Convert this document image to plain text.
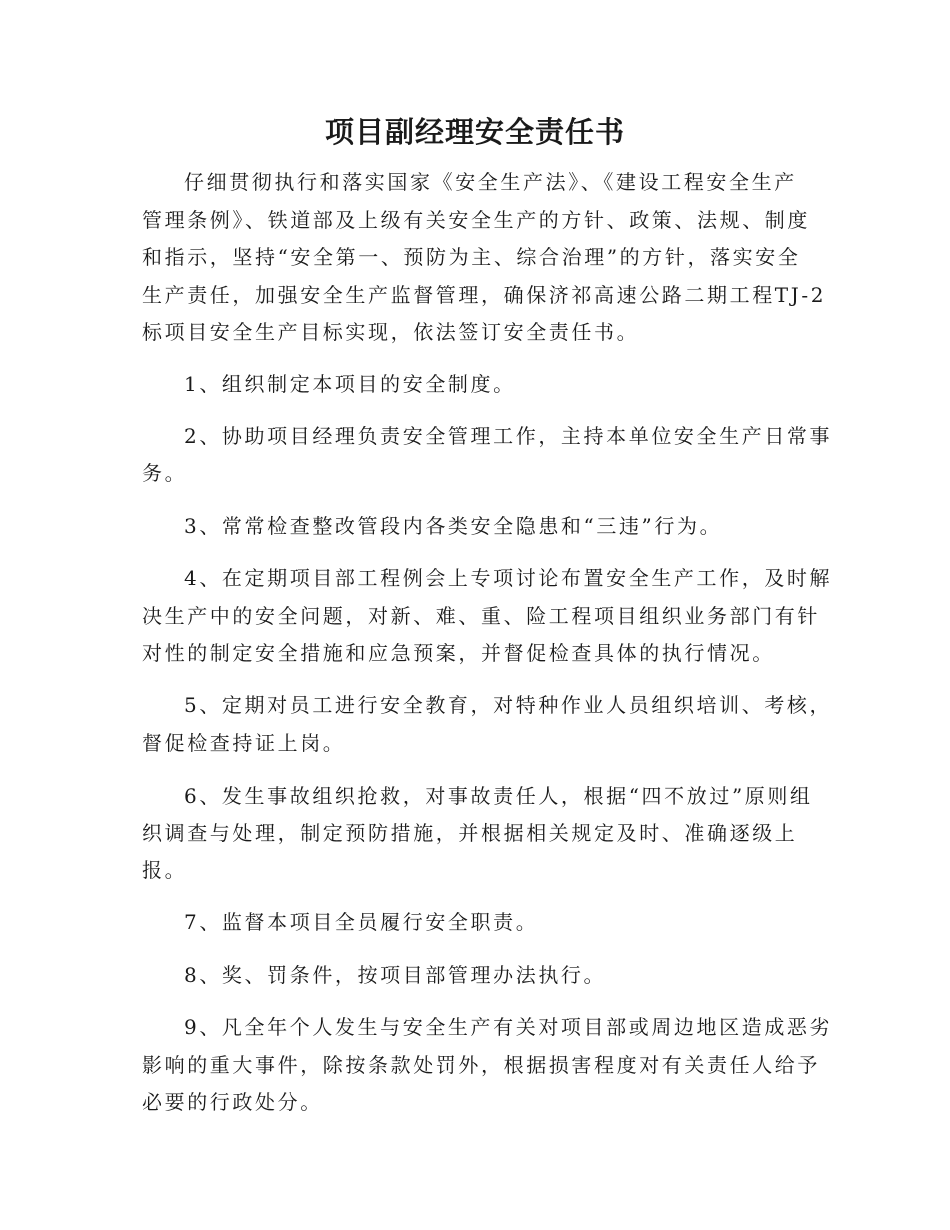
项目副经理安全责任书
仔细贯彻执行和落实国家《安全生产法》、《建设工程安全生产
管理条例》、铁道部及上级有关安全生产的方针、政策、法规、制度
和指示，坚持“安全第一、预防为主、综合治理”的方针，落实安全
生产责任，加强安全生产监督管理，确保济祁高速公路二期工程TJ-2
标项目安全生产目标实现，依法签订安全责任书。
1、组织制定本项目的安全制度。
2、协助项目经理负责安全管理工作，主持本单位安全生产日常事
务。
3、常常检查整改管段内各类安全隐患和“三违”行为。
4、在定期项目部工程例会上专项讨论布置安全生产工作，及时解
决生产中的安全问题，对新、难、重、险工程项目组织业务部门有针
对性的制定安全措施和应急预案，并督促检查具体的执行情况。
5、定期对员工进行安全教育，对特种作业人员组织培训、考核，
督促检查持证上岗。
6、发生事故组织抢救，对事故责任人，根据“四不放过”原则组
织调查与处理，制定预防措施，并根据相关规定及时、准确逐级上
报。
7、监督本项目全员履行安全职责。
8、奖、罚条件，按项目部管理办法执行。
9、凡全年个人发生与安全生产有关对项目部或周边地区造成恶劣
影响的重大事件，除按条款处罚外，根据损害程度对有关责任人给予
必要的行政处分。
